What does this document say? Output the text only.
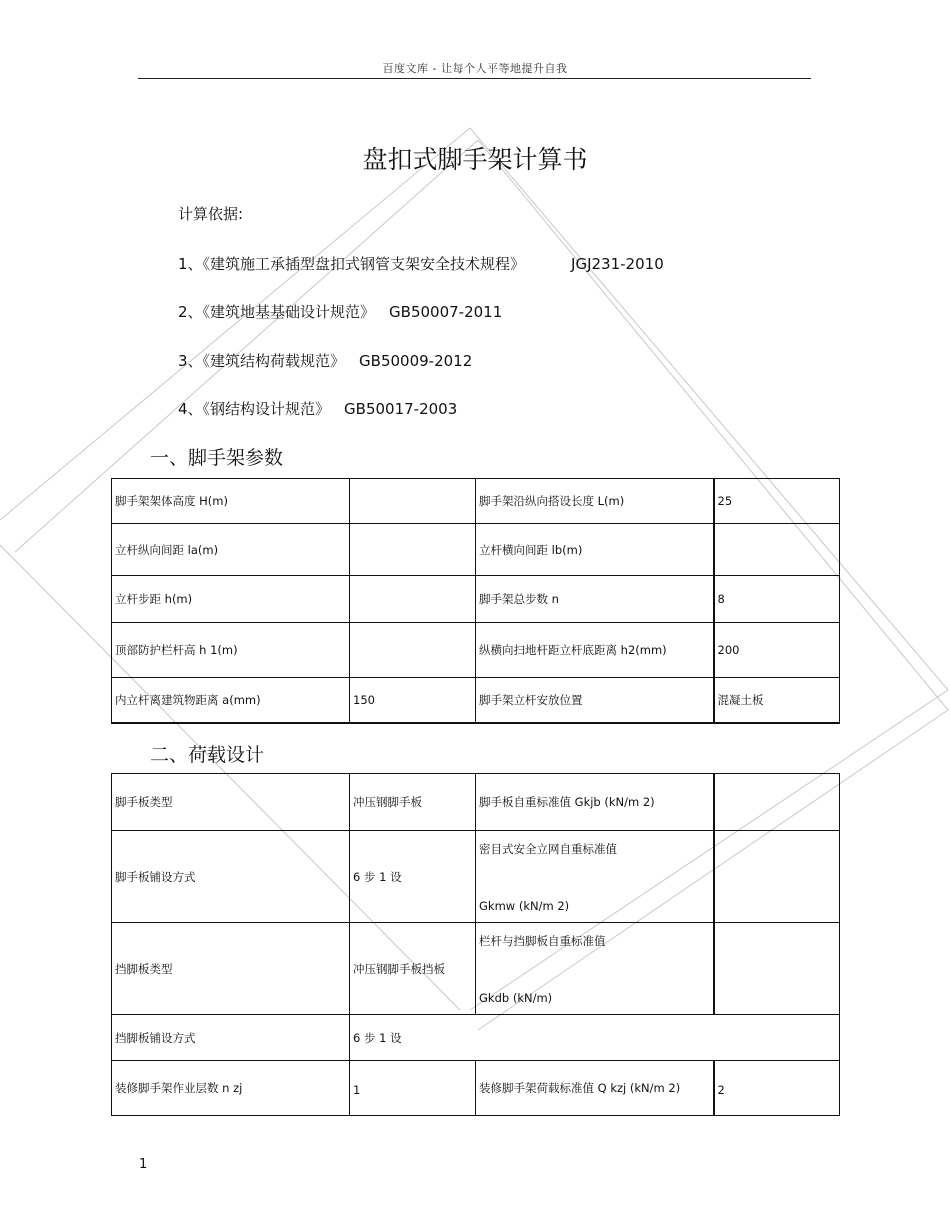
百度文库 - 让每个人平等地提升自我
盘扣式脚手架计算书
计算依据:
1、《建筑施工承插型盘扣式钢管支架安全技术规程》	JGJ231-2010
2、《建筑地基基础设计规范》 GB50007-2011
3、《建筑结构荷载规范》 GB50009-2012
4、《钢结构设计规范》 GB50017-2003
一、脚手架参数
脚手架架体高度 H(m)		脚手架沿纵向搭设长度 L(m)	25
立杆纵向间距 la(m)		立杆横向间距 lb(m)	
立杆步距 h(m)		脚手架总步数 n	8
顶部防护栏杆高 h 1(m)		纵横向扫地杆距立杆底距离 h2(mm)	200
内立杆离建筑物距离 a(mm)	150	脚手架立杆安放位置	混凝土板
二、荷载设计
脚手板类型	冲压钢脚手板	脚手板自重标准值 Gkjb (kN/m 2)	
脚手板铺设方式	6 步 1 设	密目式安全立网自重标准值
Gkmw (kN/m 2)	

挡脚板类型	冲压钢脚手板挡板	栏杆与挡脚板自重标准值
Gkdb (kN/m)	

挡脚板铺设方式	6 步 1 设		
装修脚手架作业层数 n zj	1	装修脚手架荷载标准值 Q kzj (kN/m 2)	2
1
